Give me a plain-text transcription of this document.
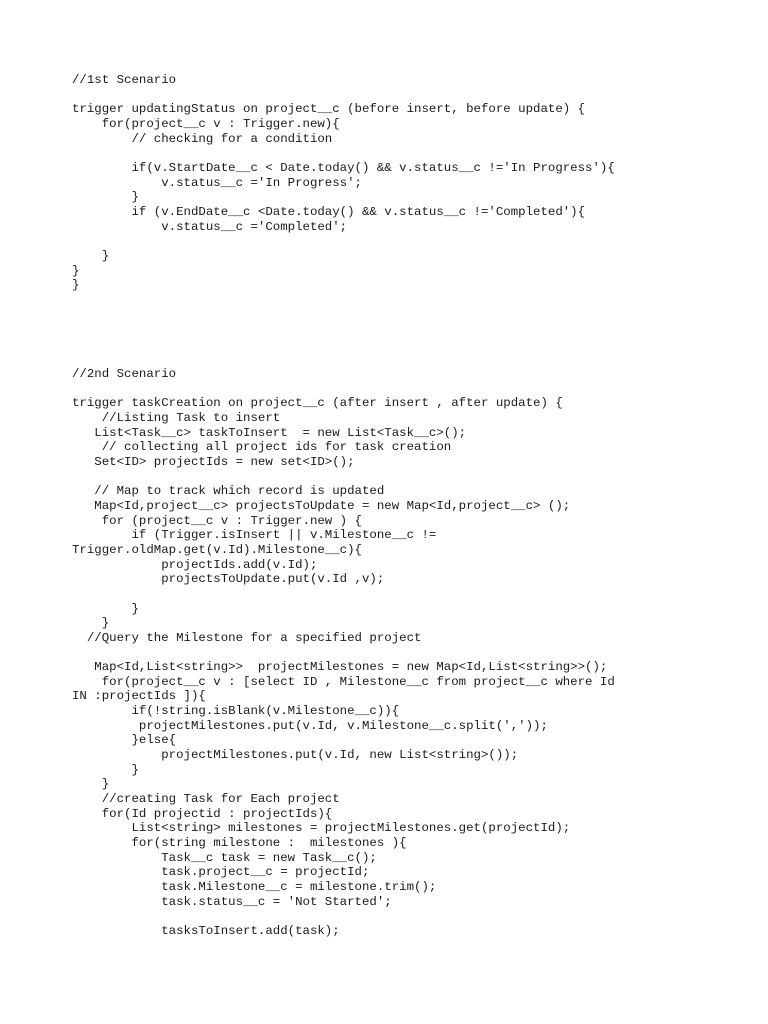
//1st Scenario
trigger updatingStatus on project__c (before insert, before update) {
for(project__c v : Trigger.new){
// checking for a condition
if(v.StartDate__c < Date.today() && v.status__c !='In Progress'){
v.status__c ='In Progress';
}
if (v.EndDate__c <Date.today() && v.status__c !='Completed'){
v.status__c ='Completed';
}
}
}
//2nd Scenario
trigger taskCreation on project__c (after insert , after update) {
//Listing Task to insert
List<Task__c> taskToInsert  = new List<Task__c>();
// collecting all project ids for task creation
Set<ID> projectIds = new set<ID>();
// Map to track which record is updated
Map<Id,project__c> projectsToUpdate = new Map<Id,project__c> ();
for (project__c v : Trigger.new ) {
if (Trigger.isInsert || v.Milestone__c !=
Trigger.oldMap.get(v.Id).Milestone__c){
projectIds.add(v.Id);
projectsToUpdate.put(v.Id ,v);
}
}
//Query the Milestone for a specified project
Map<Id,List<string>>  projectMilestones = new Map<Id,List<string>>();
for(project__c v : [select ID , Milestone__c from project__c where Id
IN :projectIds ]){
if(!string.isBlank(v.Milestone__c)){
projectMilestones.put(v.Id, v.Milestone__c.split(','));
}else{
projectMilestones.put(v.Id, new List<string>());
}
}
//creating Task for Each project
for(Id projectid : projectIds){
List<string> milestones = projectMilestones.get(projectId);
for(string milestone :  milestones ){
Task__c task = new Task__c();
task.project__c = projectId;
task.Milestone__c = milestone.trim();
task.status__c = 'Not Started';
tasksToInsert.add(task);
